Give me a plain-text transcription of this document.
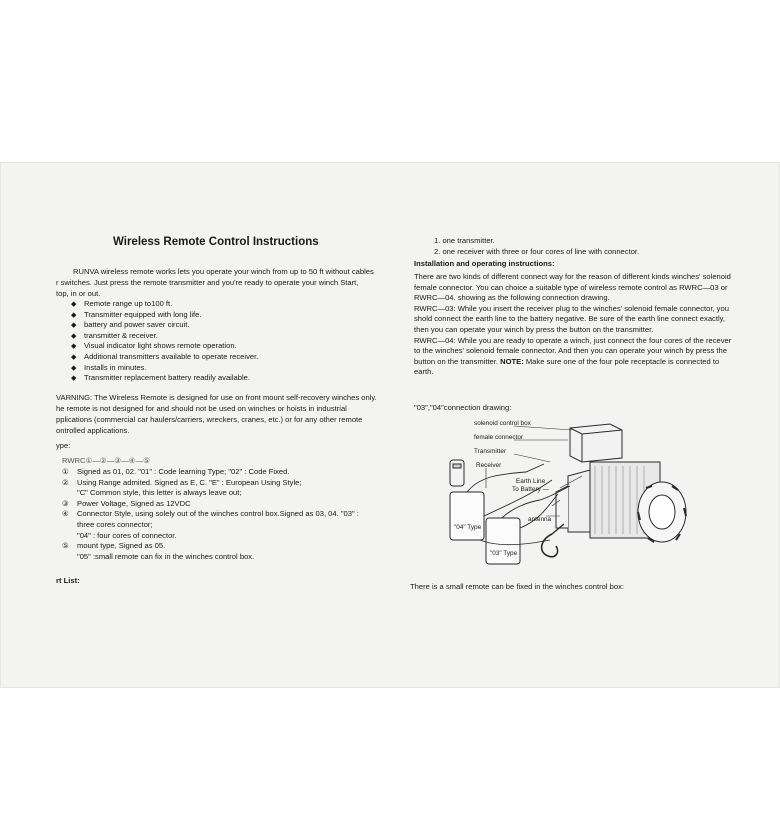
Wireless Remote Control Instructions
RUNVA wireless remote works lets you operate your winch from up to 50 ft without cables
r switches. Just press the remote transmitter and you're ready to operate your winch Start,
top, in or out.
◆ Remote range up to100 ft.
◆ Transmitter equipped with long life.
◆ battery and power saver circuit.
◆ transmitter & receiver.
◆ Visual indicator light shows remote operation.
◆ Additional transmitters available to operate receiver.
◆ Installs in minutes.
◆ Transmitter replacement battery readily available.
VARNING: The Wireless Remote is designed for use on front mount self-recovery winches only.
he remote is not designed for and should not be used on winches or hoists in industrial
pplications (commercial car haulers/carriers, wreckers, cranes, etc.) or for any other remote
ontrolled applications.
ype:
RWRC①—②—③—④—⑤
① Signed as 01, 02. "01" : Code learning Type; "02" : Code Fixed.
② Using Range admited. Signed as E, C. "E" : European Using Style;
"C" Common style, this letter is always leave out;
③ Power Voltage, Signed as 12VDC
④ Connector Style, using solely out of the winches control box.Signed as 03, 04. "03" :
three cores connector;
"04" : four cores of connector.
⑤ mount type, Signed as 05.
"05" :small remote can fix in the winches control box.
rt List:
1. one transmitter.
2. one receiver with three or four cores of line with connector.
Installation and operating instructions:
There are two kinds of different connect way for the reason of different kinds winches' solenoid
female connector. You can choice a suitable type of wireless remote control as RWRC—03 or
RWRC—04. showing as the following connection drawing.
RWRC—03: While you insert the receiver plug to the winches' solenoid female connector, you
shold connect the earth line to the battery negative. Be sure of the earth line connect exactly,
then you can operate your winch by press the button on the transmitter.
RWRC—04: While you are ready to operate a winch, just connect the four cores of the recever
to the winches' solenoid female connector. And then you can operate your winch by press the
button on the transmitter. NOTE: Make sure one of the four pole receptacle is connected to
earth.
"03","04"connection drawing:
solenoid control box
female connector
Transmitter
Receiver
Earth Line
To Battery —
antenna
"04" Type
"03" Type
There is a small remote can be fixed in the winches control box:
